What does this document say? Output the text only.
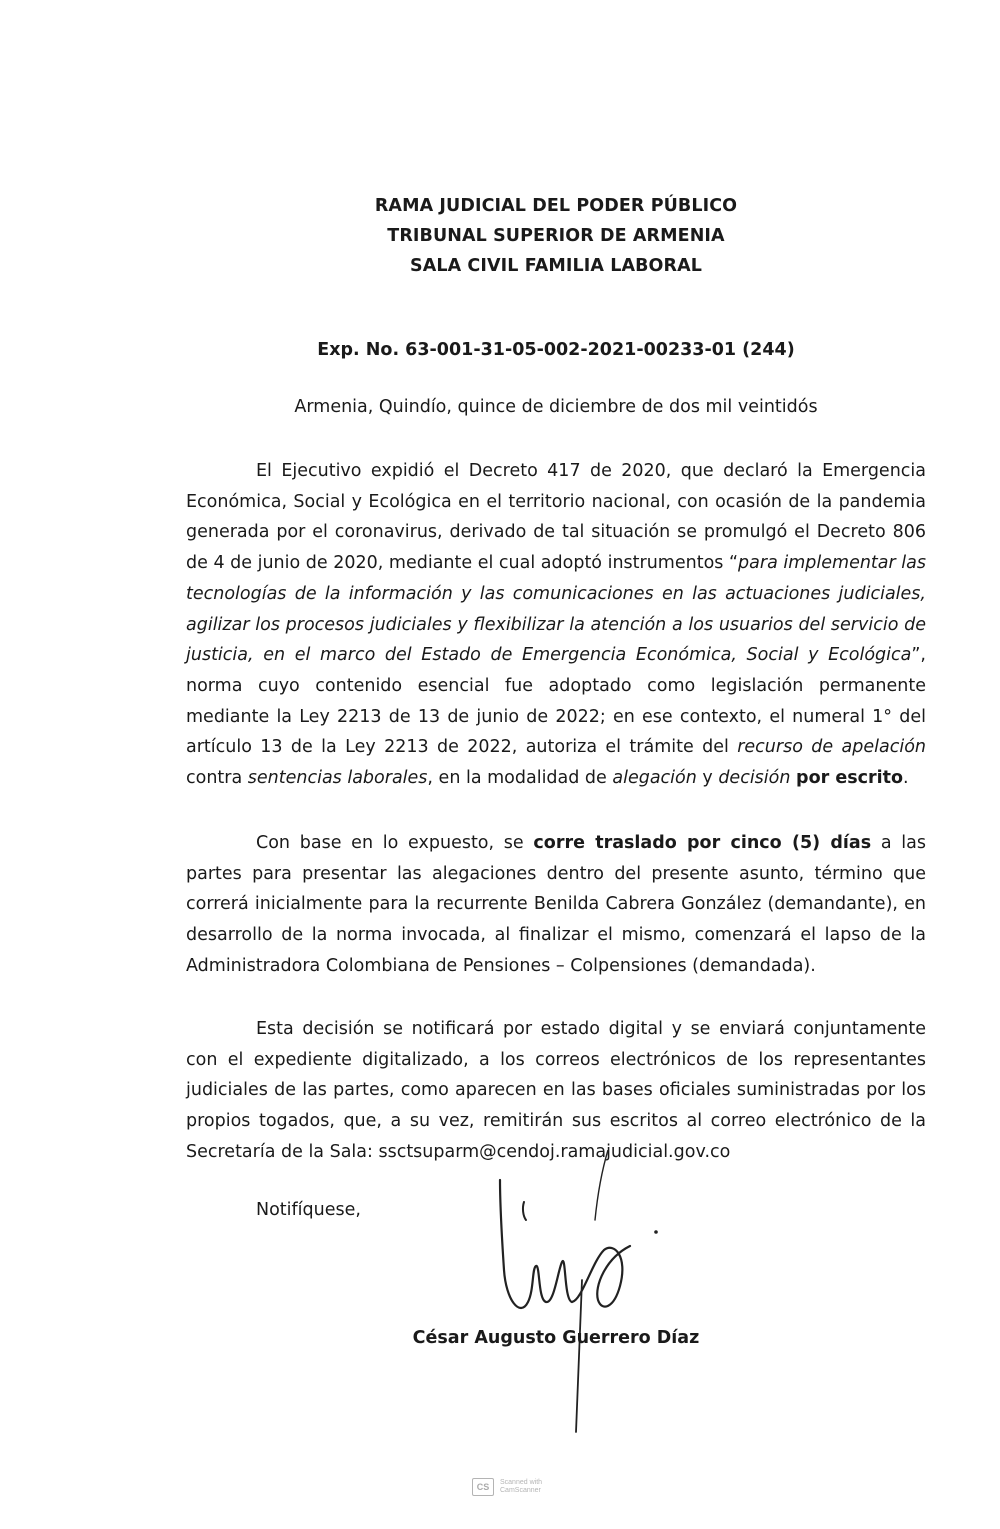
RAMA JUDICIAL DEL PODER PÚBLICO
TRIBUNAL SUPERIOR DE ARMENIA
SALA CIVIL FAMILIA LABORAL
Exp. No. 63-001-31-05-002-2021-00233-01 (244)
Armenia, Quindío, quince de diciembre de dos mil veintidós
El Ejecutivo expidió el Decreto 417 de 2020, que declaró la Emergencia Económica, Social y Ecológica en el territorio nacional, con ocasión de la pandemia generada por el coronavirus, derivado de tal situación se promulgó el Decreto 806 de 4 de junio de 2020, mediante el cual adoptó instrumentos “para implementar las tecnologías de la información y las comunicaciones en las actuaciones judiciales, agilizar los procesos judiciales y flexibilizar la atención a los usuarios del servicio de justicia, en el marco del Estado de Emergencia Económica, Social y Ecológica”, norma cuyo contenido esencial fue adoptado como legislación permanente mediante la Ley 2213 de 13 de junio de 2022; en ese contexto, el numeral 1° del artículo 13 de la Ley 2213 de 2022, autoriza el trámite del recurso de apelación contra sentencias laborales, en la modalidad de alegación y decisión por escrito.
Con base en lo expuesto, se corre traslado por cinco (5) días a las partes para presentar las alegaciones dentro del presente asunto, término que correrá inicialmente para la recurrente Benilda Cabrera González (demandante), en desarrollo de la norma invocada, al finalizar el mismo, comenzará el lapso de la Administradora Colombiana de Pensiones – Colpensiones (demandada).
Esta decisión se notificará por estado digital y se enviará conjuntamente con el expediente digitalizado, a los correos electrónicos de los representantes judiciales de las partes, como aparecen en las bases oficiales suministradas por los propios togados, que, a su vez, remitirán sus escritos al correo electrónico de la Secretaría de la Sala: ssctsuparm@cendoj.ramajudicial.gov.co
Notifíquese,
César Augusto Guerrero Díaz
CS	Scanned with
CamScanner
